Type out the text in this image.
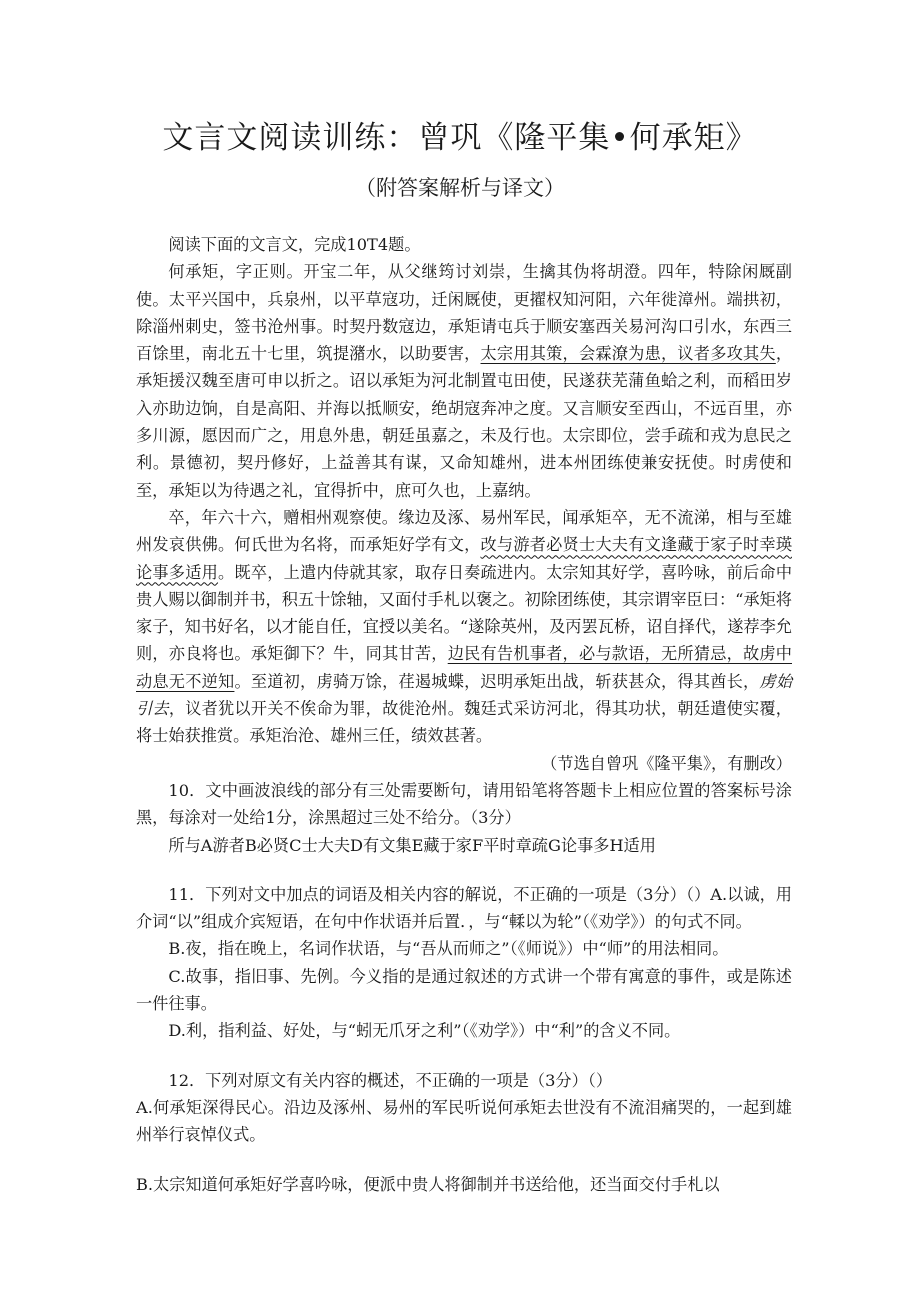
文言文阅读训练：曾巩《隆平集•何承矩》
（附答案解析与译文）

阅读下面的文言文，完成10T4题。

何承矩，字正则。开宝二年，从父继筠讨刘崇，生擒其伪将胡澄。四年，特除闲厩副使。太平兴国中，兵泉州，以平草寇功，迁闲厩使，更擢权知河阳，六年徙漳州。端拱初，除淄州刺史，签书沧州事。时契丹数寇边，承矩请屯兵于顺安塞西关易河沟口引水，东西三百馀里，南北五十七里，筑提潴水，以助要害，太宗用其策，会霖潦为患，议者多攻其失，承矩援汉魏至唐可申以折之。诏以承矩为河北制置屯田使，民遂获芜蒲鱼蛤之利，而稻田岁入亦助边饷，自是高阳、并海以抵顺安，绝胡寇奔冲之度。又言顺安至西山，不远百里，亦多川源，愿因而广之，用息外患，朝廷虽嘉之，未及行也。太宗即位，尝手疏和戎为息民之利。景德初，契丹修好，上益善其有谋，又命知雄州，进本州团练使兼安抚使。时虏使和至，承矩以为待遇之礼，宜得折中，庶可久也，上嘉纳。

卒，年六十六，赠相州观察使。缘边及涿、易州军民，闻承矩卒，无不流涕，相与至雄州发哀供佛。何氏世为名将，而承矩好学有文，改与游者必贤士大夫有文逢藏于家子时幸瑛论事多适用。既卒，上遣内侍就其家，取存日奏疏进内。太宗知其好学，喜吟咏，前后命中贵人赐以御制并书，积五十馀轴，又面付手札以褒之。初除团练使，其宗谓宰臣曰：“承矩将家子，知书好名，以才能自任，宜授以美名。“遂除英州，及丙罢瓦桥，诏自择代，遂荐李允则，亦良将也。承矩御下？牛，同其甘苦，边民有告机事者，必与款语，无所猜忌，故虏中动息无不逆知。至道初，虏骑万馀，荏遏城蝶，迟明承矩出战，斩获甚众，得其酋长，虏始引去，议者犹以开关不俟命为罪，故徙沧州。魏廷式采访河北，得其功状，朝廷遣使实覆，将士始获推赏。承矩治沧、雄州三任，绩效甚著。

（节选自曾巩《隆平集》，有删改）

10．文中画波浪线的部分有三处需要断句，请用铅笔将答题卡上相应位置的答案标号涂黑，每涂对一处给1分，涂黑超过三处不给分。（3分）

所与A游者B必贤C士大夫D有文集E藏于家F平时章疏G论事多H适用

11．下列对文中加点的词语及相关内容的解说，不正确的一项是（3分）（）A.以诚，用介词“以”组成介宾短语，在句中作状语并后置．，与“輮以为轮”（《劝学》）的句式不同。

B.夜，指在晚上，名词作状语，与“吾从而师之”（《师说》）中“师”的用法相同。

C.故事，指旧事、先例。今义指的是通过叙述的方式讲一个带有寓意的事件，或是陈述一件往事。

D.利，指利益、好处，与“蚓无爪牙之利”（《劝学》）中“利”的含义不同。

12．下列对原文有关内容的概述，不正确的一项是（3分）（）

A.何承矩深得民心。沿边及涿州、易州的军民听说何承矩去世没有不流泪痛哭的，一起到雄州举行哀悼仪式。

B.太宗知道何承矩好学喜吟咏，便派中贵人将御制并书送给他，还当面交付手札以
